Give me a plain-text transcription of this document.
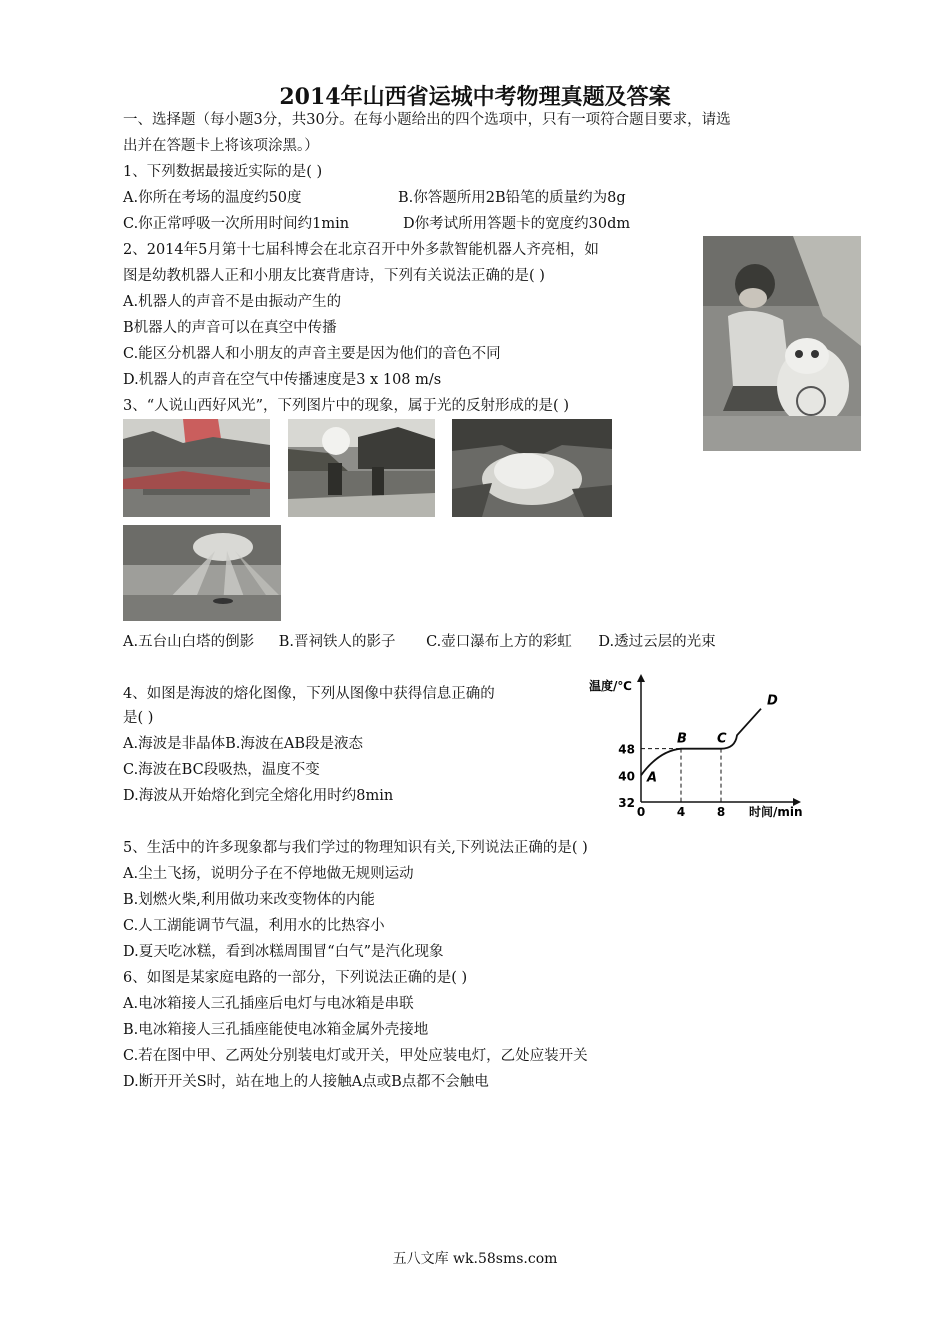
2014年山西省运城中考物理真题及答案
一、选择题（每小题3分，共30分。在每小题给出的四个选项中，只有一项符合题目要求，请选
出并在答题卡上将该项涂黑。）
1、下列数据最接近实际的是( )
A.你所在考场的温度约50度	B.你答题所用2B铅笔的质量约为8g
C.你正常呼吸一次所用时间约1min	D你考试所用答题卡的宽度约30dm
2、2014年5月第十七届科博会在北京召开中外多款智能机器人齐亮相，如
图是幼教机器人正和小朋友比赛背唐诗，下列有关说法正确的是( )
A.机器人的声音不是由振动产生的
B机器人的声音可以在真空中传播
C.能区分机器人和小朋友的声音主要是因为他们的音色不同
D.机器人的声音在空气中传播速度是3 x 108 m/s
3、“人说山西好风光”，下列图片中的现象，属于光的反射形成的是( )
A.五台山白塔的倒影 B.晋祠铁人的影子 C.壶口瀑布上方的彩虹 D.透过云层的光束
4、如图是海波的熔化图像，下列从图像中获得信息正确的
是( )
A.海波是非晶体B.海波在AB段是液态
C.海波在BC段吸热，温度不变
D.海波从开始熔化到完全熔化用时约8min
温度/℃
时间/min
A
B C
D
32
40
48
0	4	8
5、生活中的许多现象都与我们学过的物理知识有关,下列说法正确的是( )
A.尘土飞扬，说明分子在不停地做无规则运动
B.划燃火柴,利用做功来改变物体的内能
C.人工湖能调节气温，利用水的比热容小
D.夏天吃冰糕，看到冰糕周围冒“白气”是汽化现象
6、如图是某家庭电路的一部分，下列说法正确的是( )
A.电冰箱接人三孔插座后电灯与电冰箱是串联
B.电冰箱接人三孔插座能使电冰箱金属外壳接地
C.若在图中甲、乙两处分别装电灯或开关，甲处应装电灯，乙处应装开关
D.断开开关S时，站在地上的人接触A点或B点都不会触电
五八文库 wk.58sms.com
